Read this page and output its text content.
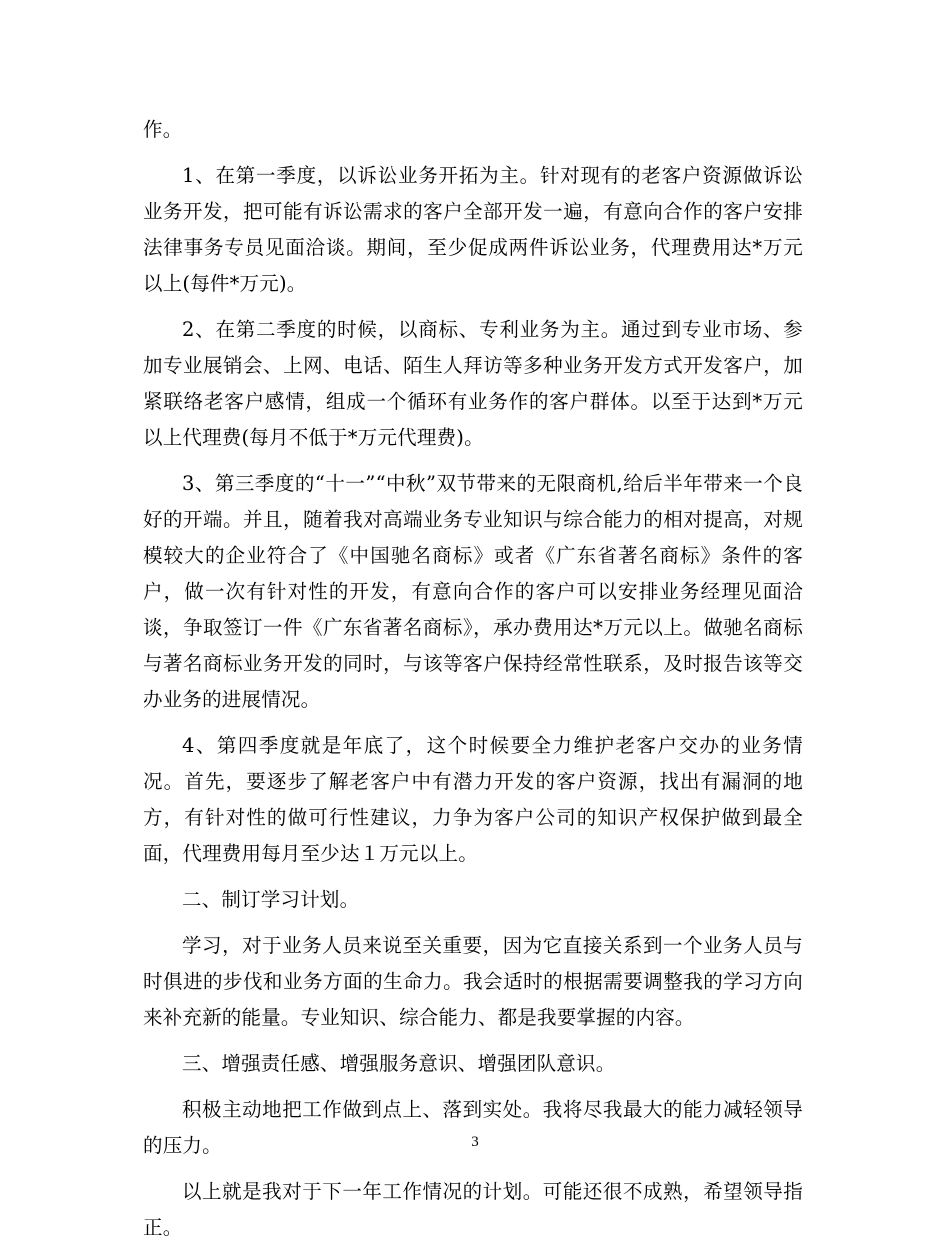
作。

1、在第一季度，以诉讼业务开拓为主。针对现有的老客户资源做诉讼业务开发，把可能有诉讼需求的客户全部开发一遍，有意向合作的客户安排法律事务专员见面洽谈。期间，至少促成两件诉讼业务，代理费用达*万元以上(每件*万元)。

2、在第二季度的时候，以商标、专利业务为主。通过到专业市场、参加专业展销会、上网、电话、陌生人拜访等多种业务开发方式开发客户，加紧联络老客户感情，组成一个循环有业务作的客户群体。以至于达到*万元以上代理费(每月不低于*万元代理费)。

3、第三季度的“十一”“中秋”双节带来的无限商机,给后半年带来一个良好的开端。并且，随着我对高端业务专业知识与综合能力的相对提高，对规模较大的企业符合了《中国驰名商标》或者《广东省著名商标》条件的客户，做一次有针对性的开发，有意向合作的客户可以安排业务经理见面洽谈，争取签订一件《广东省著名商标》，承办费用达*万元以上。做驰名商标与著名商标业务开发的同时，与该等客户保持经常性联系，及时报告该等交办业务的进展情况。

4、第四季度就是年底了，这个时候要全力维护老客户交办的业务情况。首先，要逐步了解老客户中有潜力开发的客户资源，找出有漏洞的地方，有针对性的做可行性建议，力争为客户公司的知识产权保护做到最全面，代理费用每月至少达１万元以上。

二、制订学习计划。

学习，对于业务人员来说至关重要，因为它直接关系到一个业务人员与时俱进的步伐和业务方面的生命力。我会适时的根据需要调整我的学习方向来补充新的能量。专业知识、综合能力、都是我要掌握的内容。

三、增强责任感、增强服务意识、增强团队意识。

积极主动地把工作做到点上、落到实处。我将尽我最大的能力减轻领导的压力。

以上就是我对于下一年工作情况的计划。可能还很不成熟，希望领导指正。

3
